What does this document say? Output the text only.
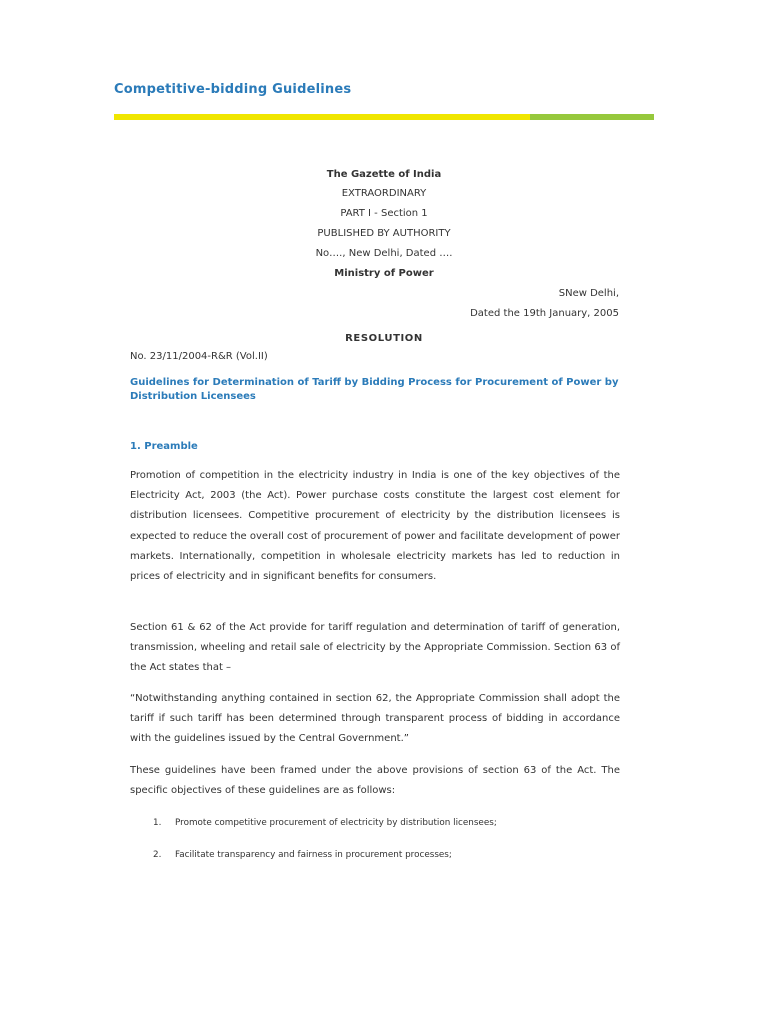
Competitive-bidding Guidelines
The Gazette of India
EXTRAORDINARY
PART I - Section 1
PUBLISHED BY AUTHORITY
No…., New Delhi, Dated ….
Ministry of Power
SNew Delhi,
Dated the 19th January, 2005
RESOLUTION
No. 23/11/2004-R&R (Vol.II)
Guidelines for Determination of Tariff by Bidding Process for Procurement of Power by
Distribution Licensees
1. Preamble

Promotion of competition in the electricity industry in India is one of the key objectives of the Electricity Act, 2003 (the Act). Power purchase costs constitute the largest cost element for distribution licensees. Competitive procurement of electricity by the distribution licensees is expected to reduce the overall cost of procurement of power and facilitate development of power markets. Internationally, competition in wholesale electricity markets has led to reduction in prices of electricity and in significant benefits for consumers.

Section 61 & 62 of the Act provide for tariff regulation and determination of tariff of generation, transmission, wheeling and retail sale of electricity by the Appropriate Commission. Section 63 of the Act states that –

“Notwithstanding anything contained in section 62, the Appropriate Commission shall adopt the tariff if such tariff has been determined through transparent process of bidding in accordance with the guidelines issued by the Central Government.”

These guidelines have been framed under the above provisions of section 63 of the Act. The specific objectives of these guidelines are as follows:

1. Promote competitive procurement of electricity by distribution licensees;
2. Facilitate transparency and fairness in procurement processes;
